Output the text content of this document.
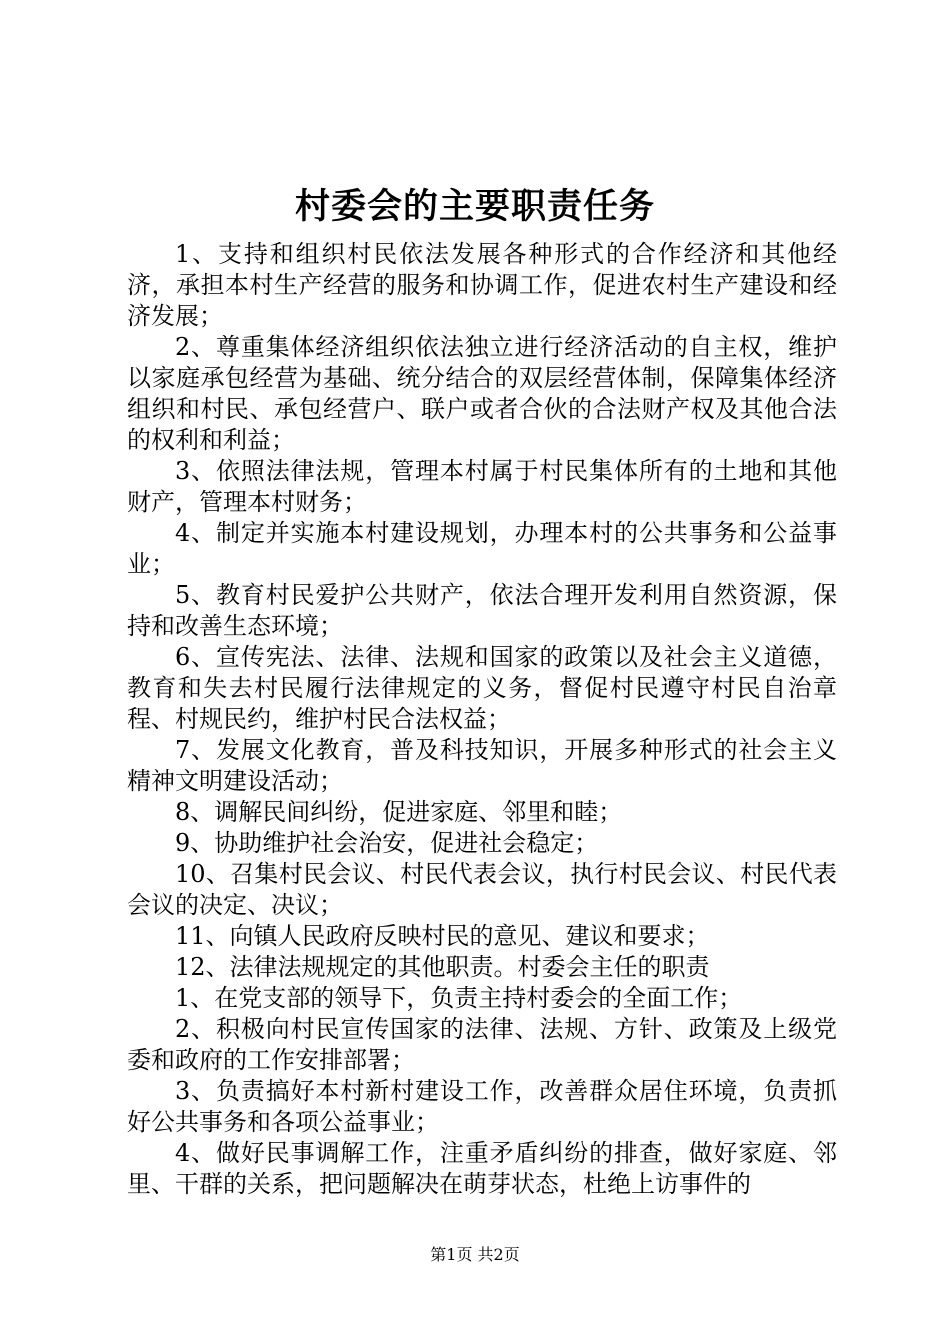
村委会的主要职责任务

1、支持和组织村民依法发展各种形式的合作经济和其他经济，承担本村生产经营的服务和协调工作，促进农村生产建设和经济发展；

2、尊重集体经济组织依法独立进行经济活动的自主权，维护以家庭承包经营为基础、统分结合的双层经营体制，保障集体经济组织和村民、承包经营户、联户或者合伙的合法财产权及其他合法的权利和利益；

3、依照法律法规，管理本村属于村民集体所有的土地和其他财产，管理本村财务；

4、制定并实施本村建设规划，办理本村的公共事务和公益事业；

5、教育村民爱护公共财产，依法合理开发利用自然资源，保持和改善生态环境；

6、宣传宪法、法律、法规和国家的政策以及社会主义道德，教育和失去村民履行法律规定的义务，督促村民遵守村民自治章程、村规民约，维护村民合法权益；

7、发展文化教育，普及科技知识，开展多种形式的社会主义精神文明建设活动；

8、调解民间纠纷，促进家庭、邻里和睦；

9、协助维护社会治安，促进社会稳定；

10、召集村民会议、村民代表会议，执行村民会议、村民代表会议的决定、决议；

11、向镇人民政府反映村民的意见、建议和要求；

12、法律法规规定的其他职责。村委会主任的职责

1、在党支部的领导下，负责主持村委会的全面工作；

2、积极向村民宣传国家的法律、法规、方针、政策及上级党委和政府的工作安排部署；

3、负责搞好本村新村建设工作，改善群众居住环境，负责抓好公共事务和各项公益事业；

4、做好民事调解工作，注重矛盾纠纷的排查，做好家庭、邻里、干群的关系，把问题解决在萌芽状态，杜绝上访事件的

第1页 共2页
